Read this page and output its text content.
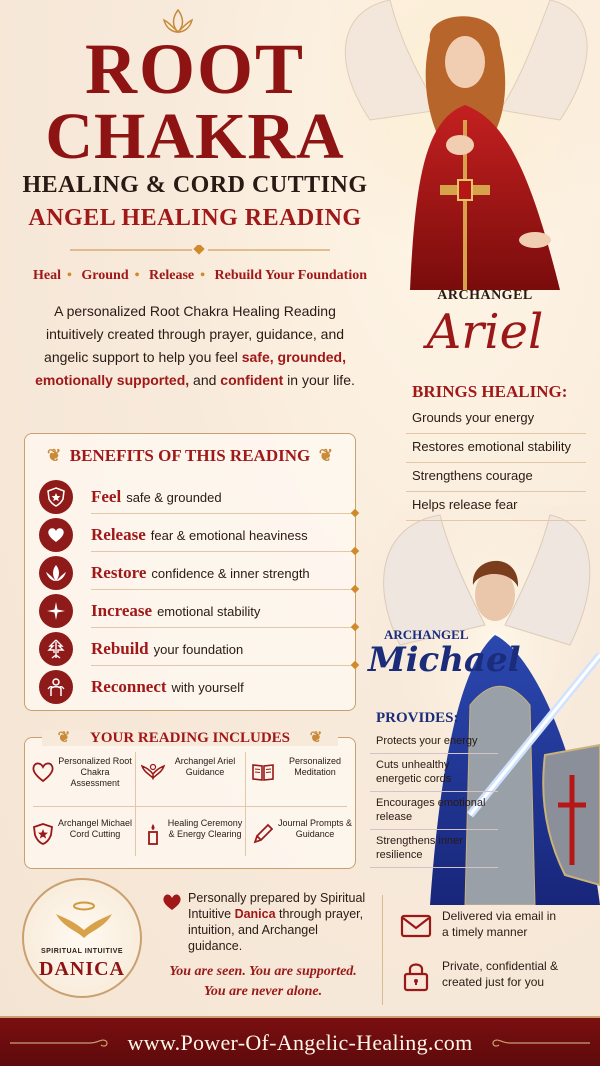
ROOT
CHAKRA
HEALING & CORD CUTTING
ANGEL HEALING READING
Heal • Ground • Release • Rebuild Your Foundation

A personalized Root Chakra Healing Reading intuitively created through prayer, guidance, and angelic support to help you feel safe, grounded, emotionally supported, and confident in your life.

ARCHANGEL
Ariel
BRINGS HEALING:
Grounds your energy
Restores emotional stability
Strengthens courage
Helps release fear
❦  BENEFITS OF THIS READING  ❦
Feel safe & grounded
Release fear & emotional heaviness
Restore confidence & inner strength
Increase emotional stability
Rebuild your foundation
Reconnect with yourself
❦ YOUR READING INCLUDES ❦
Personalized Root Chakra Assessment
Archangel Ariel Guidance
Personalized Meditation
Archangel Michael Cord Cutting
Healing Ceremony & Energy Clearing
Journal Prompts & Guidance
ARCHANGEL
Michael
PROVIDES:
Protects your energy
Cuts unhealthy energetic cords
Encourages emotional release
Strengthens inner resilience
SPIRITUAL INTUITIVE
DANICA

Personally prepared by Spiritual Intuitive Danica through prayer, intuition, and Archangel guidance.

You are seen. You are supported.
You are never alone.
Delivered via email in a timely manner
Private, confidential & created just for you
www.Power-Of-Angelic-Healing.com
